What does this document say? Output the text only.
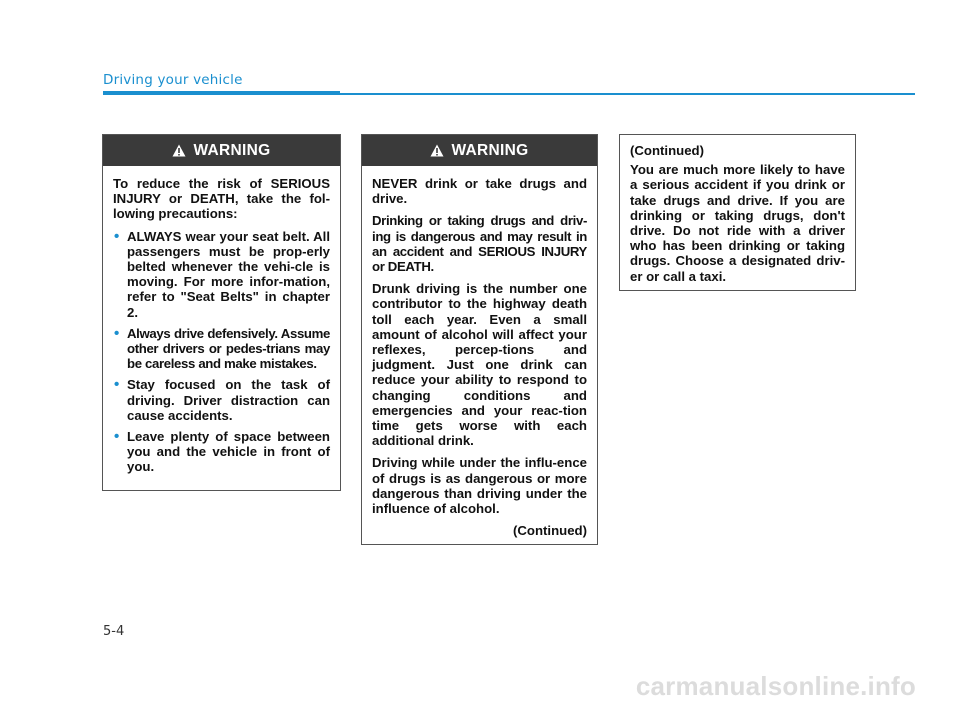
Driving your vehicle
WARNING

To reduce the risk of SERIOUS INJURY or DEATH, take the fol-lowing precautions:

• ALWAYS wear your seat belt. All passengers must be prop-erly belted whenever the vehi-cle is moving. For more infor-mation, refer to "Seat Belts" in chapter 2.
• Always drive defensively. Assume other drivers or pedes-trians may be careless and make mistakes.
• Stay focused on the task of driving. Driver distraction can cause accidents.
• Leave plenty of space between you and the vehicle in front of you.
WARNING

NEVER drink or take drugs and drive.

Drinking or taking drugs and driv-ing is dangerous and may result in an accident and SERIOUS INJURY or DEATH.

Drunk driving is the number one contributor to the highway death toll each year. Even a small amount of alcohol will affect your reflexes, percep-tions and judgment. Just one drink can reduce your ability to respond to changing conditions and emergencies and your reac-tion time gets worse with each additional drink.

Driving while under the influ-ence of drugs is as dangerous or more dangerous than driving under the influence of alcohol.

(Continued)

(Continued)

You are much more likely to have a serious accident if you drink or take drugs and drive. If you are drinking or taking drugs, don't drive. Do not ride with a driver who has been drinking or taking drugs. Choose a designated driv-er or call a taxi.

5-4
carmanualsonline.info
